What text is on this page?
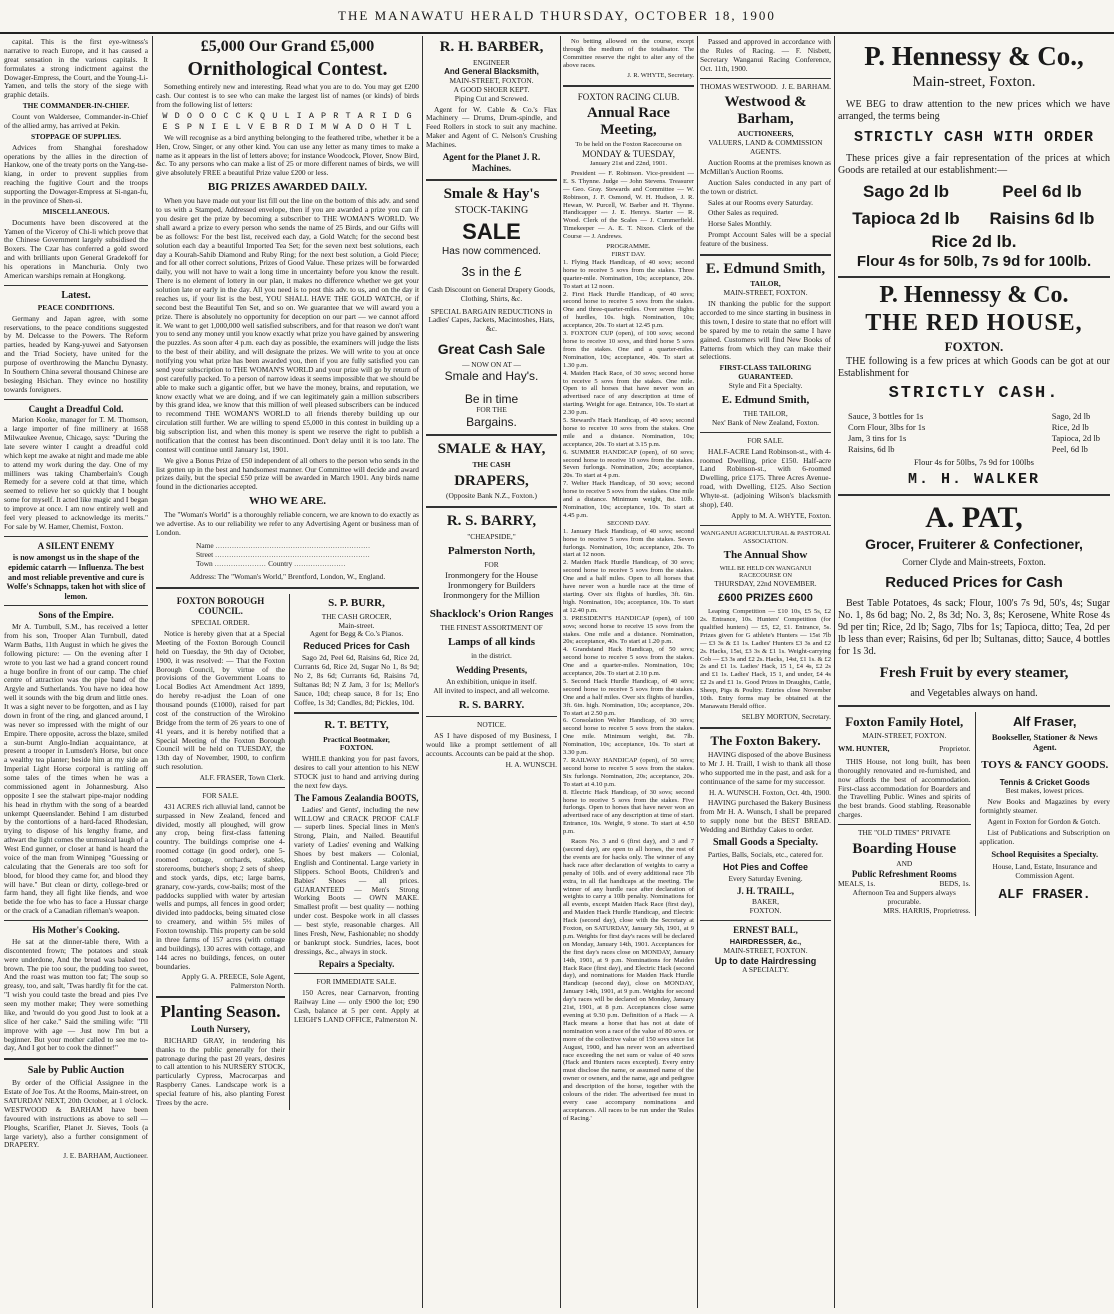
THE MANAWATU HERALD THURSDAY, OCTOBER 18, 1900

capital. This is the first eye-witness's narrative to reach Europe, and it has caused a great sensation in the various capitals. It formulates a strong indictment against the Dowager-Empress, the Court, and the Young-Li-Yamen, and tells the story of the siege with graphic details.

THE COMMANDER-IN-CHIEF.

Count von Waldersee, Commander-in-Chief of the allied army, has arrived at Pekin.

STOPPAGE OF SUPPLIES.

Advices from Shanghai foreshadow operations by the allies in the direction of Hankow, one of the treaty ports on the Yang-tse-kiang, in order to prevent supplies from reaching the fugitive Court and the troops supporting the Dowager-Empress at Si-ngan-fu, in the province of Shen-si.

MISCELLANEOUS.

Documents have been discovered at the Yamen of the Viceroy of Chi-li which prove that the Chinese Government largely subsidised the Boxers. The Czar has conferred a gold sword and with brilliants upon General Gradekoff for his operations in Manchuria. Only two American warships remain at Hongkong.

Latest.
PEACE CONDITIONS.

Germany and Japan agree, with some reservations, to the peace conditions suggested by M. Delcasse to the Powers. The Reform parties, headed by Kang-yuwei and Satyonsen and the Triad Society, have united for the purpose of overthrowing the Manchu Dynasty. In Southern China several thousand Chinese are besieging Hsichan. They evince no hostility towards foreigners.

Caught a Dreadful Cold.

Marion Kooke, manager for T. M. Thomson, a large importer of fine millinery at 1658 Milwaukee Avenue, Chicago, says: "During the late severe winter I caught a dreadful cold which kept me awake at night and made me able to attend my work during the day. One of my milliners was taking Chamberlain's Cough Remedy for a severe cold at that time, which seemed to relieve her so quickly that I bought some for myself. It acted like magic and I began to improve at once. I am now entirely well and feel very pleased to acknowledge its merits." For sale by W. Hamer, Chemist, Foxton.

A SILENT ENEMY
is now amongst us in the shape of the epidemic catarrh — Influenza. The best and most reliable preventive and cure is Wolfe's Schnapps, taken hot with slice of lemon.
Sons of the Empire.

Mr A. Turnbull, S.M., has received a letter from his son, Trooper Alan Turnbull, dated Warm Baths, 11th August in which he gives the following picture: — On the evening after I wrote to you last we had a grand concert round a huge bonfire in front of our camp. The chief centre of attraction was the pipe band of the Argyle and Sutherlands. You have no idea how well it sounds with the big drum and little ones. It was a sight never to be forgotten, and as I lay down in front of the ring, and glanced around, I was never so impressed with the might of our Empire. There opposite, across the blaze, smiled a sun-burnt Anglo-Indian acquaintance, at present a trooper in Lumsden's Horse, but once a wealthy tea planter; beside him at my side an Imperial Light Horse corporal is rattling off some tales of the times when he was a commissioned agent in Johannesburg. Also opposite I see the stalwart pipe-major nodding his head in rhythm with the song of a bearded unkempt Queenslander. Behind I am disturbed by the contortions of a hard-faced Rhodesian, trying to dispose of his lengthy frame, and athwart the light comes the unmusical laugh of a West End gunner, or closer at hand is heard the voice of the man from Winnipeg "Guessing or calculating that the Generals are too soft for blood, for blood they came for, and blood they will have." But clean or dirty, college-bred or farm hand, they all fight like fiends, and woe betide the foe who has to face a Hussar charge or the crack of a Canadian rifleman's weapon.

His Mother's Cooking.

He sat at the dinner-table there, With a discontented frown; The potatoes and steak were underdone, And the bread was baked too brown. The pie too sour, the pudding too sweet, And the roast was mutton too fat; The soup so greasy, too, and salt, 'Twas hardly fit for the cat. "I wish you could taste the bread and pies I've seen my mother make; They were something like, and 'twould do you good Just to look at a slice of her cake." Said the smiling wife: "I'll improve with age — Just now I'm but a beginner. But your mother called to see me to-day, And I got her to cook the dinner!"

Sale by Public Auction

By order of the Official Assignee in the Estate of Joe Tos. At the Rooms, Main-street, on SATURDAY NEXT, 20th October, at 1 o'clock. WESTWOOD & BARHAM have been favoured with instructions as above to sell — Ploughs, Scarifier, Planet Jr. Sieves, Tools (a large variety), also a further consignment of DRAPERY.

J. E. BARHAM, Auctioneer.
£5,000 Our Grand £5,000
Ornithological Contest.

Something entirely new and interesting. Read what you are to do. You may get £200 cash. Our contest is to see who can make the largest list of names (or kinds) of birds from the following list of letters:

W D O O O C C K Q U L I A P R T A R I D G
E S P N I E L V E B R D I M W A D O H T L

We will recognise as a bird anything belonging to the feathered tribe, whether it be a Hen, Crow, Singer, or any other kind. You can use any letter as many times to make a name as it appears in the list of letters above; for instance Woodcock, Plover, Snow Bird, &c. To any persons who can make a list of 25 or more different names of birds, we will give absolutely FREE a beautiful Prize value £200 or less.

BIG PRIZES AWARDED DAILY.

When you have made out your list fill out the line on the bottom of this adv. and send to us with a Stamped, Addressed envelope, then if you are awarded a prize you can if you desire get the prize by becoming a subscriber to THE WOMAN'S WORLD. We shall award a prize to every person who sends the name of 25 Birds, and our Gifts will be as follows: For the best list, received each day, a Gold Watch; for the second best solution each day a beautiful Imported Tea Set; for the seven next best solutions, each day a Kourah-Sahib Diamond and Ruby Ring; for the next best solution, a Gold Piece; and for all other correct solutions, Prizes of Good Value. These prizes will be forwarded daily, you will not have to wait a long time in uncertainty before you know the result. There is no element of lottery in our plan, it makes no difference whether we get your solution late or early in the day. All you need is to post this adv. to us, and on the day it reaches us, if your list is the best, YOU SHALL HAVE THE GOLD WATCH, or if second best the Beautiful Ten Set, and so on. We guarantee that we will award you a prize. There is absolutely no opportunity for deception on our part — we cannot afford it. We want to get 1,000,000 well satisfied subscribers, and for that reason we don't want you to send any money until you know exactly what prize you have gained by answering the puzzles. As soon after 4 p.m. each day as possible, the examiners will judge the lists to the best of their ability, and will designate the prizes. We will write to you at once notifying you what prize has been awarded you, then if you are fully satisfied you can send your subscription to THE WOMAN'S WORLD and your prize will go by return of post carefully packed. To a person of narrow ideas it seems impossible that we should be able to make such a gigantic offer, but we have the money, brains, and reputation, we know exactly what we are doing, and if we can legitimately gain a million subscribers by this grand idea, we know that this million of well pleased subscribers can be induced to recommend THE WOMAN'S WORLD to all friends thereby building up our circulation still further. We are willing to spend £5,000 in this contest in building up a big subscription list, and when this money is spent we reserve the right to publish a notification that the contest has been discontinued. Don't delay until it is too late. The contest will continue until January 1st, 1901.

We give a Bonus Prize of £50 independent of all others to the person who sends in the list gotten up in the best and handsomest manner. Our Committee will decide and award prizes daily, but the special £50 prize will be awarded in March 1901. Any birds name found in the dictionaries accepted.

WHO WE ARE.

The "Woman's World" is a thoroughly reliable concern, we are known to do exactly as we advertise. As to our reliability we refer to any Advertising Agent or business man of London.

Name ..................................................................
Street ..................................................................
Town ...................... Country ......................
Address: The "Woman's World," Brentford, London, W., England.
FOXTON BOROUGH COUNCIL.
SPECIAL ORDER.

Notice is hereby given that at a Special Meeting of the Foxton Borough Council held on Tuesday, the 9th day of October, 1900, it was resolved: — That the Foxton Borough Council, by virtue of the provisions of the Government Loans to Local Bodies Act Amendment Act 1899, do hereby re-adjust the Loan of one thousand pounds (£1000), raised for part cost of the construction of the Wirokino Bridge from the term of 26 years to one of 41 years, and it is hereby notified that a Special Meeting of the Foxton Borough Council will be held on TUESDAY, the 13th day of November, 1900, to confirm such resolution.

ALF. FRASER, Town Clerk.
FOR SALE.

431 ACRES rich alluvial land, cannot be surpassed in New Zealand, fenced and divided, mostly all ploughed, will grow any crop, being first-class fattening country. The buildings comprise one 4-roomed cottage (in good order), one 5-roomed cottage, orchards, stables, storerooms, butcher's shop; 2 sets of sheep and stock yards, dips, etc; large barns, granary, cow-yards, cow-bails; most of the paddocks supplied with water by artesian wells and pumps, all fences in good order; divided into paddocks, being situated close to creamery, and within 5½ miles of Foxton township. This property can be sold in three farms of 157 acres (with cottage and buildings), 130 acres with cottage, and 144 acres no buildings, fences, on outer boundaries.

Apply G. A. PREECE, Sole Agent, Palmerston North.
Planting Season.
Louth Nursery,

RICHARD GRAY, in tendering his thanks to the public generally for their patronage during the past 20 years, desires to call attention to his NURSERY STOCK, particularly Cypress, Macrocarpas and Raspberry Canes. Landscape work is a special feature of his, also planting Forest Trees by the acre.

S. P. BURR,
THE CASH GROCER,
Main-street.
Agent for Begg & Co.'s Pianos.
Reduced Prices for Cash

Sago 2d, Peel 6d, Raisins 6d, Rice 2d, Currants 6d, Rice 2d, Sugar No 1, 8s 9d; No 2, 8s 6d; Currants 6d, Raisins 7d, Sultanas 8d; N Z Jam, 3 for 1s; Mellor's Sauce, 10d; cheap sauce, 8 for 1s; Eno Coffee, 1s 3d; Candles, 8d; Pickles, 10d.

R. T. BETTY,
Practical Bootmaker,
FOXTON.

WHILE thanking you for past favors, desires to call your attention to his NEW STOCK just to hand and arriving during the next few days.

The Famous Zealandia BOOTS,

Ladies' and Gents', including the new WILLOW and CRACK PROOF CALF — superb lines. Special lines in Men's Strong, Plain, and Nailed. Beautiful variety of Ladies' evening and Walking Shoes by best makers — Colonial, English and Continental. Large variety in Slippers. School Boots, Children's and Babies' Shoes — all prices. GUARANTEED — Men's Strong Working Boots — OWN MAKE. Smallest profit — best quality — nothing under cost. Bespoke work in all classes — best style, reasonable charges. All lines Fresh, New, Fashionable; no shoddy or bankrupt stock. Sundries, laces, boot dressings, &c., always in stock.

Repairs a Specialty.
FOR IMMEDIATE SALE.

150 Acres, near Carnarvon, fronting Railway Line — only £900 the lot; £90 Cash, balance at 5 per cent. Apply at LEIGH'S LAND OFFICE, Palmerston N.

R. H. BARBER,
ENGINEER
And General Blacksmith,
MAIN-STREET, FOXTON.
A GOOD SHOER KEPT.
Piping Cut and Screwed.

Agent for W. Cable & Co.'s Flax Machinery — Drums, Drum-spindle, and Feed Rollers in stock to suit any machine. Maker and Agent of C. Nelson's Crushing Machines.

Agent for the Planet J. R. Machines.
Smale & Hay's
STOCK-TAKING
SALE
Has now commenced.
3s in the £
Cash Discount on General Drapery Goods, Clothing, Shirts, &c.
SPECIAL BARGAIN REDUCTIONS in Ladies' Capes, Jackets, Macintoshes, Hats, &c.
Great Cash Sale
— NOW ON AT —
Smale and Hay's.
Be in time
FOR THE
Bargains.
SMALE & HAY,
THE CASH
DRAPERS,
(Opposite Bank N.Z., Foxton.)
R. S. BARRY,
"CHEAPSIDE,"
Palmerston North,
FOR
Ironmongery for the House
Ironmongery for Builders
Ironmongery for the Million
Shacklock's Orion Ranges
THE FINEST ASSORTMENT OF
Lamps of all kinds
in the district.
Wedding Presents,
An exhibition, unique in itself.
All invited to inspect, and all welcome.
R. S. BARRY.
NOTICE.

AS I have disposed of my Business, I would like a prompt settlement of all accounts. Accounts can be paid at the shop.

H. A. WUNSCH.

No betting allowed on the course, except through the medium of the totalisator. The Committee reserve the right to alter any of the above races.

J. R. WHYTE, Secretary.
FOXTON RACING CLUB.
Annual Race Meeting,
To be held on the Foxton Racecourse on
MONDAY & TUESDAY,
January 21st and 22nd, 1901.

President — F. Robinson. Vice-president — E. S. Thynne. Judge — John Stevens. Treasurer — Geo. Gray. Stewards and Committee — W. Robinson, J. F. Osmond, W. H. Hudson, J. R. Hewan, W. Purcell, W. Barber and H. Thynne. Handicapper — J. E. Henrys. Starter — R. Wood. Clerk of the Scales — J. Cummerfield. Timekeeper — A. E. T. Nixon. Clerk of the Course — J. Andrews.

PROGRAMME.
FIRST DAY.
1. Flying Hack Handicap, of 40 sovs; second horse to receive 5 sovs from the stakes. Three quarter-mile. Nomination, 10s; acceptance, 20s. To start at 12 noon.
2. First Hack Hurdle Handicap, of 40 sovs; second horse to receive 5 sovs from the stakes. One and three-quarter-miles. Over seven flights of hurdles, 10s. high. Nomination, 10s; acceptance, 20s. To start at 12.45 p.m.
3. FOXTON CUP (open), of 100 sovs; second horse to receive 10 sovs, and third horse 5 sovs from the stakes. One and a quarter-miles. Nomination, 10s; acceptance, 40s. To start at 1.30 p.m.
4. Maiden Hack Race, of 30 sovs; second horse to receive 5 sovs from the stakes. One mile. Open to all horses that have never won an advertised race of any description at time of starting. Weight for age. Entrance, 10s. To start at 2.30 p.m.
5. Steward's Hack Handicap, of 40 sovs; second horse to receive 10 sovs from the stakes. One mile and a distance. Nomination, 10s; acceptance, 20s. To start at 3.15 p.m.
6. SUMMER HANDICAP (open), of 60 sovs; second horse to receive 10 sovs from the stakes. Seven furlongs. Nomination, 20s; acceptance, 20s. To start at 4 p.m.
7. Welter Hack Handicap, of 30 sovs; second horse to receive 5 sovs from the stakes. One mile and a distance. Minimum weight, 8st. 10lb. Nomination, 10s; acceptance, 10s. To start at 4.45 p.m.
SECOND DAY.
1. January Hack Handicap, of 40 sovs; second horse to receive 5 sovs from the stakes. Seven furlongs. Nomination, 10s; acceptance, 20s. To start at 12 noon.
2. Maiden Hack Hurdle Handicap, of 30 sovs; second horse to receive 5 sovs from the stakes. One and a half miles. Open to all horses that have never won a hurdle race at the time of starting. Over six flights of hurdles, 3ft. 6in. high. Nomination, 10s; acceptance, 10s. To start at 12.40 p.m.
3. PRESIDENT'S HANDICAP (open), of 100 sovs; second horse to receive 15 sovs from the stakes. One mile and a distance. Nomination, 20s; acceptance, 40s. To start at 1.20 p.m.
4. Grandstand Hack Handicap, of 50 sovs; second horse to receive 5 sovs from the stakes. One and a quarter-miles. Nomination, 10s; acceptance, 20s. To start at 2.10 p.m.
5. Second Hack Hurdle Handicap, of 40 sovs; second horse to receive 5 sovs from the stakes. One and a half miles. Over six flights of hurdles, 3ft. 6in. high. Nomination, 10s; acceptance, 20s. To start at 2.50 p.m.
6. Consolation Welter Handicap, of 30 sovs; second horse to receive 5 sovs from the stakes. One mile. Minimum weight, 8st. 7lb. Nomination, 10s; acceptance, 10s. To start at 3.30 p.m.
7. RAILWAY HANDICAP (open), of 50 sovs; second horse to receive 5 sovs from the stakes. Six furlongs. Nomination, 20s; acceptance, 20s. To start at 4.10 p.m.
8. Electric Hack Handicap, of 30 sovs; second horse to receive 5 sovs from the stakes. Five furlongs. Open to horses that have never won an advertised race of any description at time of start. Entrance, 10s. Weight, 9 stone. To start at 4.50 p.m.

Races No. 3 and 6 (first day), and 3 and 7 (second day), are open to all horses, the rest of the events are for hacks only. The winner of any hack race after declaration of weights to carry a penalty of 10lb. and of every additional race 7lb extra, in all flat handicaps at the meeting. The winner of any hurdle race after declaration of weights to carry a 10lb penalty. Nominations for all events, except Maiden Hack Race (first day), and Maiden Hack Hurdle Handicap, and Electric Hack (second day), close with the Secretary at Foxton, on SATURDAY, January 5th, 1901, at 9 p.m. Weights for first day's races will be declared on Monday, January 14th, 1901. Acceptances for the first day's races close on MONDAY, January 14th, 1901, at 9 p.m. Nominations for Maiden Hack Race (first day), and Electric Hack (second day), and nominations for Maiden Hack Hurdle Handicap (second day), close on MONDAY, January 14th, 1901, at 9 p.m. Weights for second day's races will be declared on Monday, January 21st, 1901, at 8 p.m. Acceptances close same evening at 9.30 p.m. Definition of a Hack — A Hack means a horse that has not at date of nomination won a race of the value of 80 sovs. or more of the collective value of 150 sovs since 1st August, 1900, and has never won an advertised race exceeding the net sum or value of 40 sovs (Hack and Hunters races excepted). Every entry must disclose the name, or assumed name of the owner or owners, and the name, age and pedigree and description of the horse, together with the colours of the rider. The advertised fee must in every case accompany nominations and acceptances. All races to be run under the 'Rules of Racing.'

Passed and approved in accordance with the Rules of Racing. — F. Nisbett, Secretary Wanganui Racing Conference, Oct. 11th, 1900.

THOMAS WESTWOOD. J. E. BARHAM.
Westwood & Barham,
AUCTIONEERS,
VALUERS, LAND & COMMISSION AGENTS.

Auction Rooms at the premises known as McMillan's Auction Rooms.

Auction Sales conducted in any part of the town or district.

Sales at our Rooms every Saturday.

Other Sales as required.

Horse Sales Monthly.

Prompt Account Sales will be a special feature of the business.

E. Edmund Smith,
TAILOR,
MAIN-STREET, FOXTON.

IN thanking the public for the support accorded to me since starting in business in this town, I desire to state that no effort will be spared by me to retain the same I have gained. Customers will find New Books of Patterns from which they can make their selections.

FIRST-CLASS TAILORING GUARANTEED.
Style and Fit a Specialty.
E. Edmund Smith,
THE TAILOR,
Nex' Bank of New Zealand, Foxton.
FOR SALE.

HALF-ACRE Land Robinson-st., with 4-roomed Dwelling, price £150. Half-acre Land Robinson-st., with 6-roomed Dwelling, price £175. Three Acres Avenue-road, with Dwelling, £125. Also Section Whyte-st. (adjoining Wilson's blacksmith shop), £40.

Apply to M. A. WHYTE, Foxton.
WANGANUI AGRICULTURAL & PASTORAL ASSOCIATION.
The Annual Show
WILL BE HELD ON WANGANUI RACECOURSE ON
THURSDAY, 22nd NOVEMBER.
£600 PRIZES £600

Leaping Competition — £10 10s, £5 5s, £2 2s. Entrance, 10s. Hunters' Competition (for qualified hunters) — £5, £2, £1. Entrance, 5s. Prizes given for G athlete's Hunters — 15st 7lb — £3 3s & £1 1s. Ladies' Hunters £3 3s and £2 2s. Hacks, 15st, £3 3s & £1 1s. Weight-carrying Cob — £3 3s and £2 2s. Hacks, 14st, £1 1s. & £2 2s and £1 1s. Ladies' Hack, 15 1, £4 4s, £2 2s and £1 1s. Ladies' Hack, 15 1, and under, £4 4s £2 2s and £1 1s. Good Prizes in Draughts, Cattle, Sheep, Pigs & Poultry. Entries close November 10th. Entry forms may be obtained at the Manawatu Herald office.

SELBY MORTON, Secretary.
The Foxton Bakery.

HAVING disposed of the above Business to Mr J. H. Traill, I wish to thank all those who supported me in the past, and ask for a continuance of the same for my successor.

H. A. WUNSCH. Foxton, Oct. 4th, 1900.

HAVING purchased the Bakery Business from Mr H. A. Wunsch, I shall be prepared to supply none but the BEST BREAD. Wedding and Birthday Cakes to order.

Small Goods a Specialty.
Parties, Balls, Socials, etc., catered for.
Hot Pies and Coffee
Every Saturday Evening.
J. H. TRAILL,
BAKER,
FOXTON.
ERNEST BALL,
HAIRDRESSER, &c.,
MAIN-STREET, FOXTON.
Up to date Hairdressing
A SPECIALTY.
P. Hennessy & Co.,
Main-street, Foxton.

WE BEG to draw attention to the new prices which we have arranged, the terms being

STRICTLY CASH WITH ORDER

These prices give a fair representation of the prices at which Goods are retailed at our establishment:—

Sago 2d lb	Peel 6d lb
Tapioca 2d lb	Raisins 6d lb
Rice 2d lb.
Flour 4s for 50lb, 7s 9d for 100lb.
P. Hennessy & Co.
THE RED HOUSE,
FOXTON.

THE following is a few prices at which Goods can be got at our Establishment for

STRICTLY CASH.
Sauce, 3 bottles for 1s
Corn Flour, 3lbs for 1s
Jam, 3 tins for 1s
Raisins, 6d lb
Sago, 2d lb
Rice, 2d lb
Tapioca, 2d lb
Peel, 6d lb
Flour 4s for 50lbs, 7s 9d for 100lbs
M. H. WALKER
A. PAT,
Grocer, Fruiterer & Confectioner,
Corner Clyde and Main-streets, Foxton.
Reduced Prices for Cash

Best Table Potatoes, 4s sack; Flour, 100's 7s 9d, 50's, 4s; Sugar No. 1, 8s 6d bag; No. 2, 8s 3d; No. 3, 8s; Kerosene, White Rose 4s 9d per tin; Rice, 2d lb; Sago, 7lbs for 1s; Tapioca, ditto; Tea, 2d per lb less than ever; Raisins, 6d per lb; Sultanas, ditto; Sauce, 4 bottles for 1s 3d.

Fresh Fruit by every steamer,
and Vegetables always on hand.
Foxton Family Hotel,
MAIN-STREET, FOXTON.
WM. HUNTER,	Proprietor.

THIS House, not long built, has been thoroughly renovated and re-furnished, and now affords the best of accommodation. First-class accommodation for Boarders and the Travelling Public. Wines and spirits of the best brands. Good stabling. Reasonable charges.

THE "OLD TIMES" PRIVATE
Boarding House
AND
Public Refreshment Rooms
MEALS, 1s.	BEDS, 1s.
Afternoon Tea and Suppers always procurable.
MRS. HARRIS, Proprietress.
Alf Fraser,
Bookseller, Stationer & News Agent.
TOYS & FANCY GOODS.
Tennis & Cricket Goods
Best makes, lowest prices.

New Books and Magazines by every fortnightly steamer.

Agent in Foxton for Gordon & Gotch.

List of Publications and Subscription on application.

School Requisites a Specialty.
House, Land, Estate, Insurance and Commission Agent.
ALF FRASER.
